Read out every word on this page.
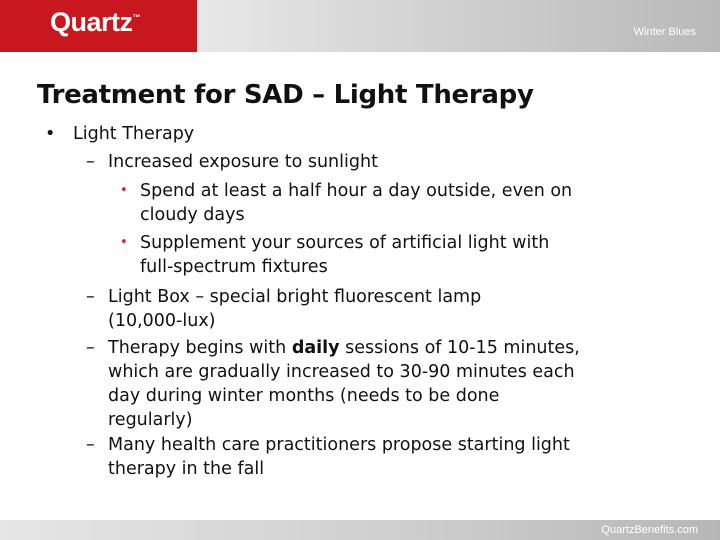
Quartz™
Winter Blues
Treatment for SAD – Light Therapy
• Light Therapy
– Increased exposure to sunlight
• Spend at least a half hour a day outside, even on
cloudy days
• Supplement your sources of artificial light with
full-spectrum fixtures
– Light Box – special bright fluorescent lamp
(10,000-lux)
– Therapy begins with daily sessions of 10-15 minutes,
which are gradually increased to 30-90 minutes each
day during winter months (needs to be done
regularly)
– Many health care practitioners propose starting light
therapy in the fall
QuartzBenefits.com
